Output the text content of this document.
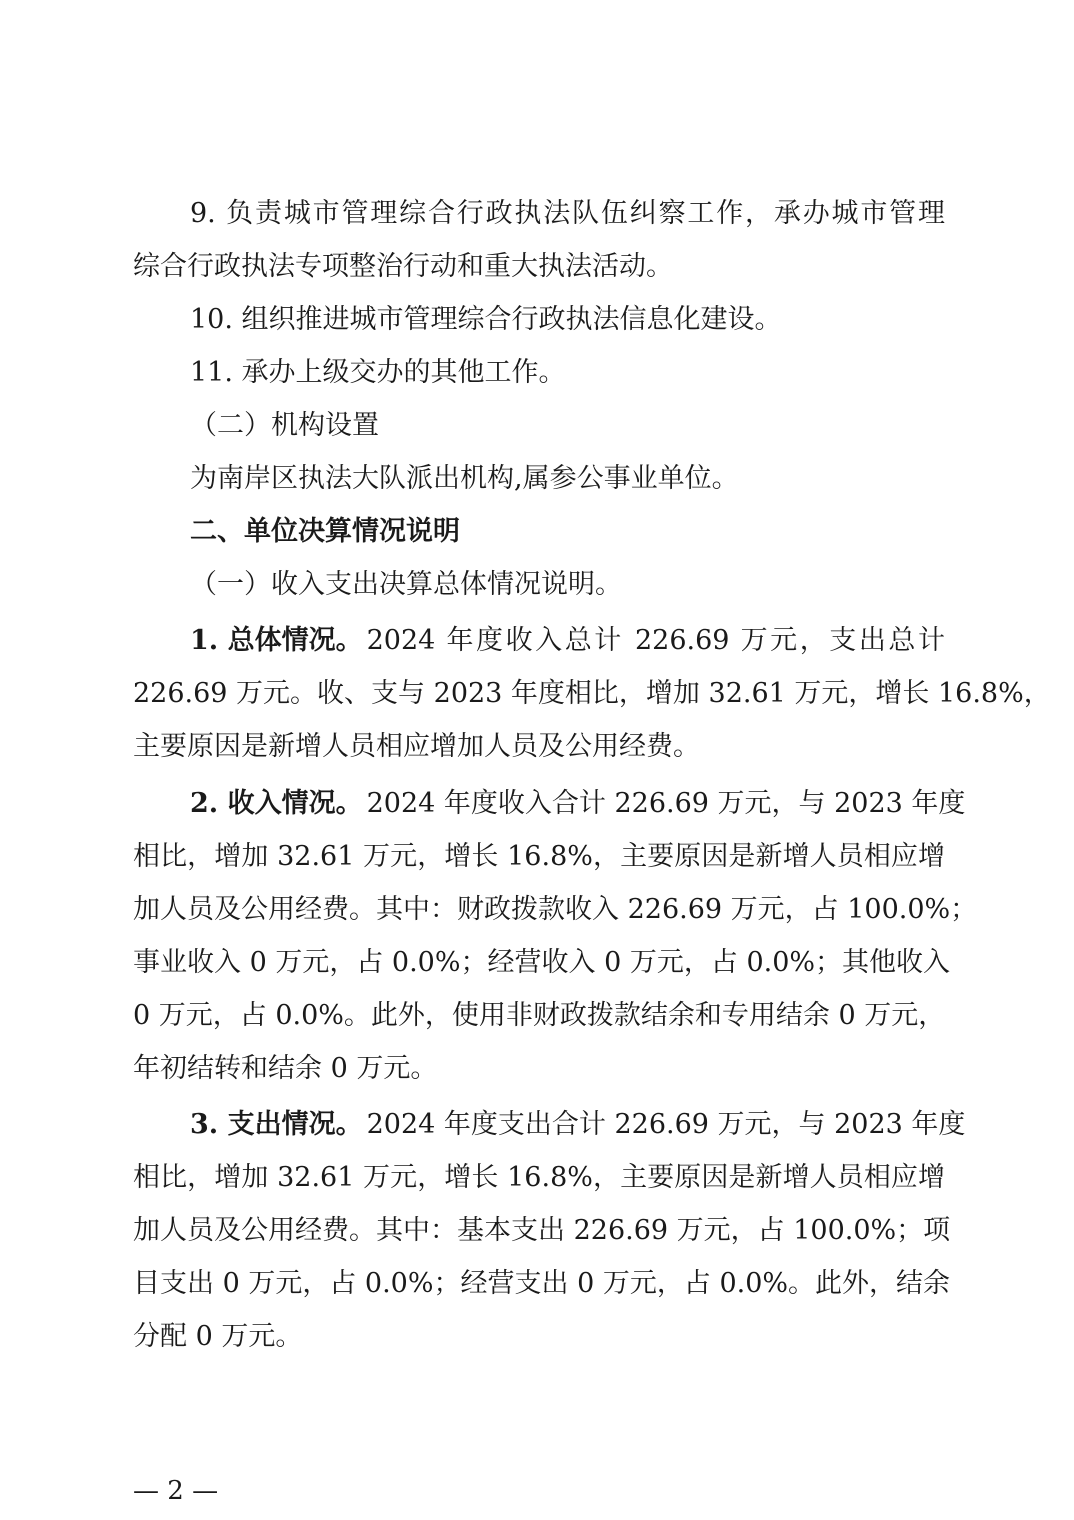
9. 负责城市管理综合行政执法队伍纠察工作，承办城市管理
综合行政执法专项整治行动和重大执法活动。
10. 组织推进城市管理综合行政执法信息化建设。
11. 承办上级交办的其他工作。
（二）机构设置
为南岸区执法大队派出机构,属参公事业单位。
二、单位决算情况说明
（一）收入支出决算总体情况说明。
1. 总体情况。 2024 年度收入总计 226.69 万元，支出总计
226.69 万元。收、支与 2023 年度相比，增加 32.61 万元，增长 16.8%，
主要原因是新增人员相应增加人员及公用经费。
2. 收入情况。 2024 年度收入合计 226.69 万元，与 2023 年度
相比，增加 32.61 万元，增长 16.8%，主要原因是新增人员相应增
加人员及公用经费。其中：财政拨款收入 226.69 万元，占 100.0%；
事业收入 0 万元，占 0.0%；经营收入 0 万元，占 0.0%；其他收入
0 万元，占 0.0%。此外，使用非财政拨款结余和专用结余 0 万元，
年初结转和结余 0 万元。
3. 支出情况。 2024 年度支出合计 226.69 万元，与 2023 年度
相比，增加 32.61 万元，增长 16.8%，主要原因是新增人员相应增
加人员及公用经费。其中：基本支出 226.69 万元，占 100.0%；项
目支出 0 万元，占 0.0%；经营支出 0 万元，占 0.0%。此外，结余
分配 0 万元。
— 2 —
